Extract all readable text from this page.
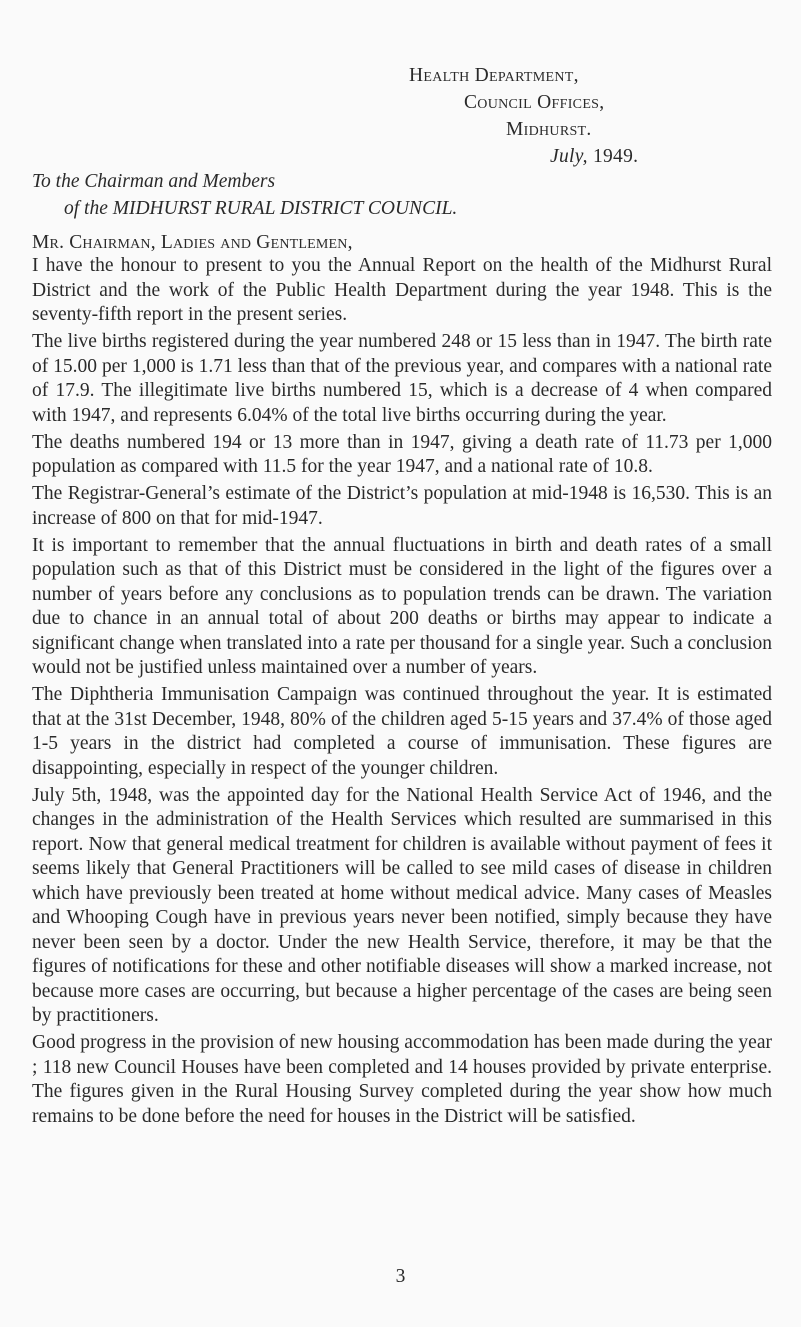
Health Department,
Council Offices,
Midhurst.
July, 1949.
To the Chairman and Members
of the MIDHURST RURAL DISTRICT COUNCIL.
Mr. Chairman, Ladies and Gentlemen,

I have the honour to present to you the Annual Report on the health of the Midhurst Rural District and the work of the Public Health Department during the year 1948. This is the seventy-fifth report in the present series.

The live births registered during the year numbered 248 or 15 less than in 1947. The birth rate of 15.00 per 1,000 is 1.71 less than that of the previous year, and compares with a national rate of 17.9. The illegitimate live births numbered 15, which is a decrease of 4 when compared with 1947, and represents 6.04% of the total live births occurring during the year.

The deaths numbered 194 or 13 more than in 1947, giving a death rate of 11.73 per 1,000 population as compared with 11.5 for the year 1947, and a national rate of 10.8.

The Registrar-General’s estimate of the District’s population at mid-1948 is 16,530. This is an increase of 800 on that for mid-1947.

It is important to remember that the annual fluctuations in birth and death rates of a small population such as that of this District must be considered in the light of the figures over a number of years before any conclusions as to population trends can be drawn. The variation due to chance in an annual total of about 200 deaths or births may appear to indicate a significant change when translated into a rate per thousand for a single year. Such a conclusion would not be justified unless maintained over a number of years.

The Diphtheria Immunisation Campaign was continued throughout the year. It is estimated that at the 31st December, 1948, 80% of the children aged 5-15 years and 37.4% of those aged 1-5 years in the district had completed a course of immunisation. These figures are disappointing, especially in respect of the younger children.

July 5th, 1948, was the appointed day for the National Health Service Act of 1946, and the changes in the administration of the Health Services which resulted are summarised in this report. Now that general medical treatment for children is available without payment of fees it seems likely that General Practitioners will be called to see mild cases of disease in children which have previously been treated at home without medical advice. Many cases of Measles and Whooping Cough have in previous years never been notified, simply because they have never been seen by a doctor. Under the new Health Service, therefore, it may be that the figures of notifications for these and other notifiable diseases will show a marked increase, not because more cases are occurring, but because a higher percentage of the cases are being seen by practitioners.

Good progress in the provision of new housing accommodation has been made during the year ; 118 new Council Houses have been completed and 14 houses provided by private enterprise. The figures given in the Rural Housing Survey completed during the year show how much remains to be done before the need for houses in the District will be satisfied.

3
